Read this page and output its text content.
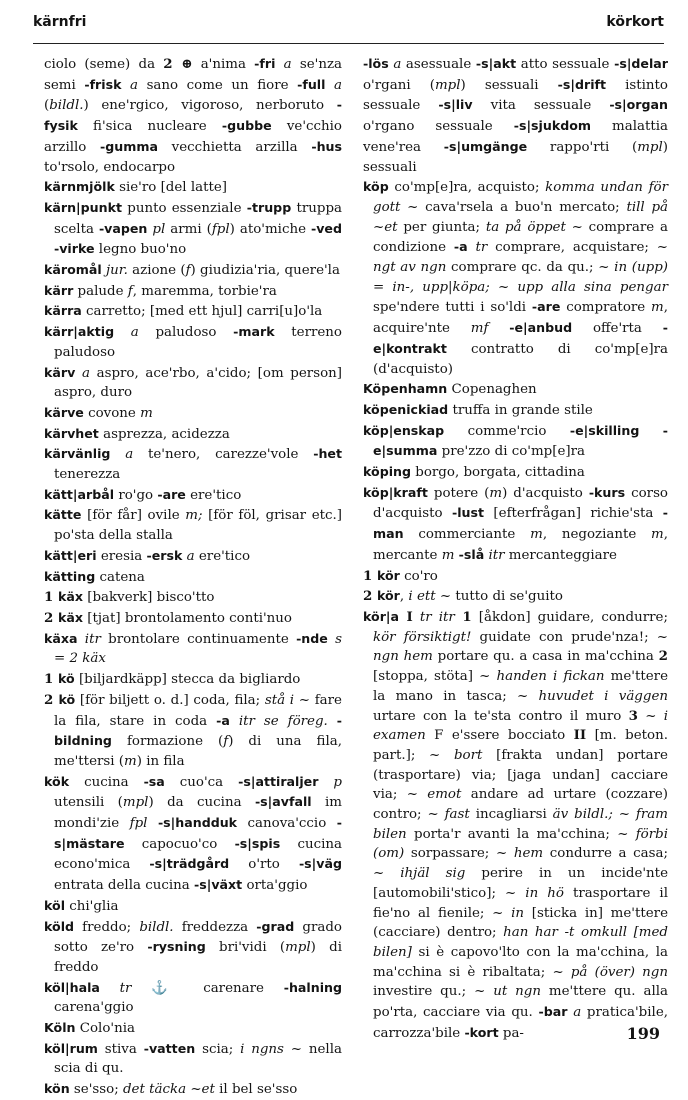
kärnfri	körkort

ciolo (seme) da 2 ⊕ a'nima -fri a se'nza semi -frisk a sano come un fiore -full a (bildl.) ene'rgico, vigoroso, nerboruto -fysik fi'sica nucleare -gubbe ve'cchio arzillo -gumma vecchietta arzilla -hus to'rsolo, endocarpo

kärnmjölk sie'ro [del latte]

kärn|punkt punto essenziale -trupp truppa scelta -vapen pl armi (fpl) ato'miche -ved -virke legno buo'no

käromål jur. azione (f) giudizia'ria, quere'la

kärr palude f, maremma, torbie'ra

kärra carretto; [med ett hjul] carri[u]o'la

kärr|aktig a paludoso -mark terreno paludoso

kärv a aspro, ace'rbo, a'cido; [om person] aspro, duro

kärve covone m

kärvhet asprezza, acidezza

kärvänlig a te'nero, carezze'vole -het tenerezza

kätt|arbål ro'go -are ere'tico

kätte [för får] ovile m; [för föl, grisar etc.] po'sta della stalla

kätt|eri eresia -ersk a ere'tico

kätting catena

1 käx [bakverk] bisco'tto

2 käx [tjat] brontolamento conti'nuo

käxa itr brontolare continuamente -nde s = 2 käx

1 kö [biljardkäpp] stecca da bigliardo

2 kö [för biljett o. d.] coda, fila; stå i ~ fare la fila, stare in coda -a itr se föreg. -bildning formazione (f) di una fila, me'ttersi (m) in fila

kök cucina -sa cuo'ca -s|attiraljer p utensili (mpl) da cucina -s|avfall im mondi'zie fpl -s|handduk canova'ccio -s|mästare capocuo'co -s|spis cucina econo'mica -s|trädgård o'rto -s|väg entrata della cucina -s|växt orta'ggio

köl chi'glia

köld freddo; bildl. freddezza -grad grado sotto ze'ro -rysning bri'vidi (mpl) di freddo

köl|hala tr ⚓ carenare -halning carena'ggio

Köln Colo'nia

köl|rum stiva -vatten scia; i ngns ~ nella scia di qu.

kön se'sso; det täcka ~et il bel se'sso

-lös a asessuale -s|akt atto sessuale -s|delar o'rgani (mpl) sessuali -s|drift istinto sessuale -s|liv vita sessuale -s|organ o'rgano sessuale -s|sjukdom malattia vene'rea -s|umgänge rappo'rti (mpl) sessuali

köp co'mp[e]ra, acquisto; komma undan för gott ~ cava'rsela a buo'n mercato; till på ~et per giunta; ta på öppet ~ comprare a condizione -a tr comprare, acquistare; ~ ngt av ngn comprare qc. da qu.; ~ in (upp) = in-, upp|köpa; ~ upp alla sina pengar spe'ndere tutti i so'ldi -are compratore m, acquire'nte mf -e|anbud offe'rta -e|kontrakt contratto di co'mp[e]ra (d'acquisto)

Köpenhamn Copenaghen

köpenickiad truffa in grande stile

köp|enskap comme'rcio -e|skilling -e|summa pre'zzo di co'mp[e]ra

köping borgo, borgata, cittadina

köp|kraft potere (m) d'acquisto -kurs corso d'acquisto -lust [efterfrågan] richie'sta -man commerciante m, negoziante m, mercante m -slå itr mercanteggiare

1 kör co'ro

2 kör, i ett ~ tutto di se'guito

kör|a I tr itr 1 [åkdon] guidare, condurre; kör försiktigt! guidate con prude'nza!; ~ ngn hem portare qu. a casa in ma'cchina 2 [stoppa, stöta] ~ handen i fickan me'ttere la mano in tasca; ~ huvudet i väggen urtare con la te'sta contro il muro 3 ~ i examen F e'ssere bocciato II [m. beton. part.]; ~ bort [frakta undan] portare (trasportare) via; [jaga undan] cacciare via; ~ emot andare ad urtare (cozzare) contro; ~ fast incagliarsi äv bildl.; ~ fram bilen porta'r avanti la ma'cchina; ~ förbi (om) sorpassare; ~ hem condurre a casa; ~ ihjäl sig perire in un incide'nte [automobili'stico]; ~ in hö trasportare il fie'no al fienile; ~ in [sticka in] me'ttere (cacciare) dentro; han har -t omkull [med bilen] si è capovo'lto con la ma'cchina, la ma'cchina si è ribaltata; ~ på (över) ngn investire qu.; ~ ut ngn me'ttere qu. alla po'rta, cacciare via qu. -bar a pratica'bile, carrozza'bile -kort pa-	199
